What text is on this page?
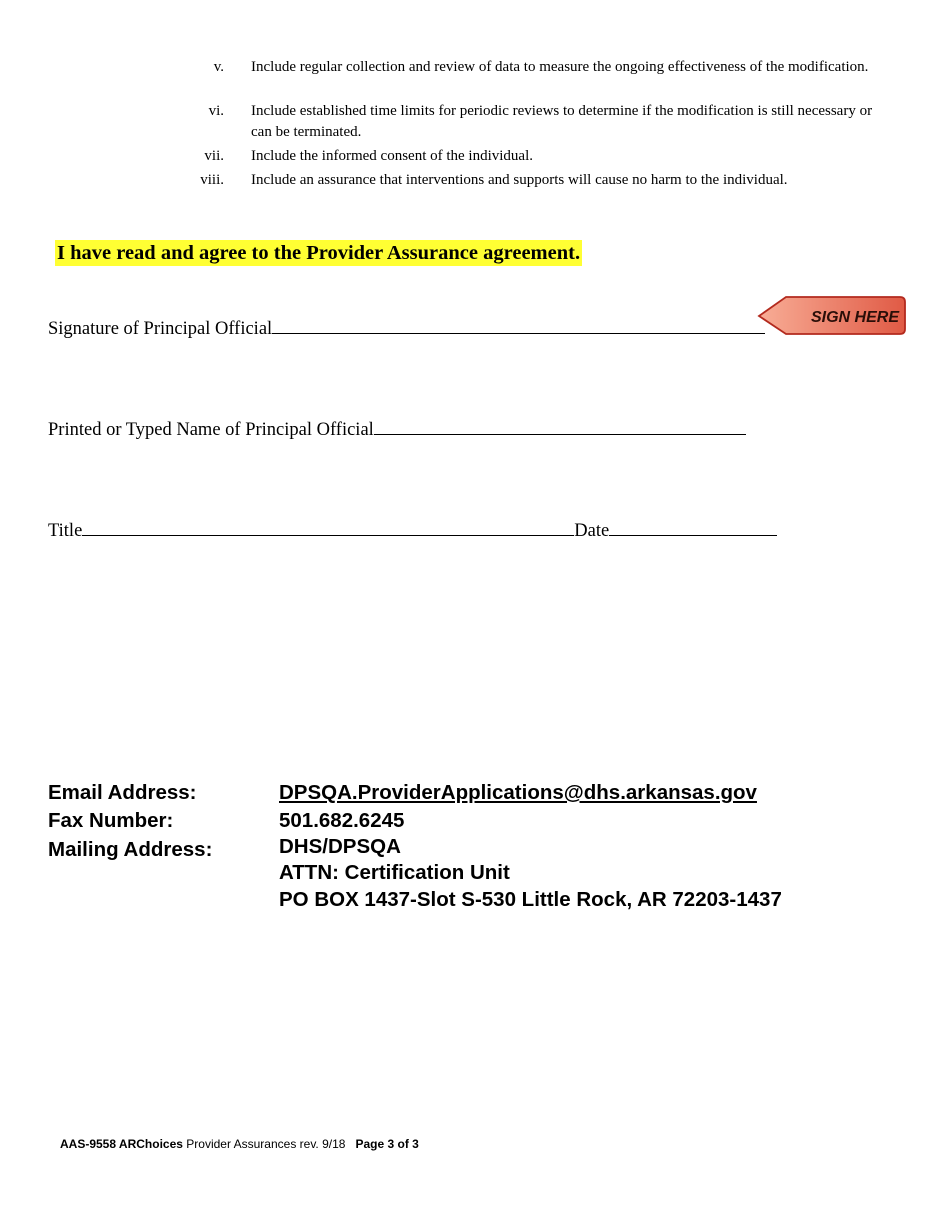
v. Include regular collection and review of data to measure the ongoing effectiveness of the modification.
vi. Include established time limits for periodic reviews to determine if the modification is still necessary or can be terminated.
vii. Include the informed consent of the individual.
viii. Include an assurance that interventions and supports will cause no harm to the individual.
I have read and agree to the Provider Assurance agreement.
Signature of Principal Official
SIGN HERE
Printed or Typed Name of Principal Official
Title	Date
Email Address:	DPSQA.ProviderApplications@dhs.arkansas.gov
Fax Number:	501.682.6245
Mailing Address:	DHS/DPSQA
ATTN: Certification Unit
PO BOX 1437-Slot S-530 Little Rock, AR 72203-1437
AAS-9558 ARChoices Provider Assurances rev. 9/18 Page 3 of 3
